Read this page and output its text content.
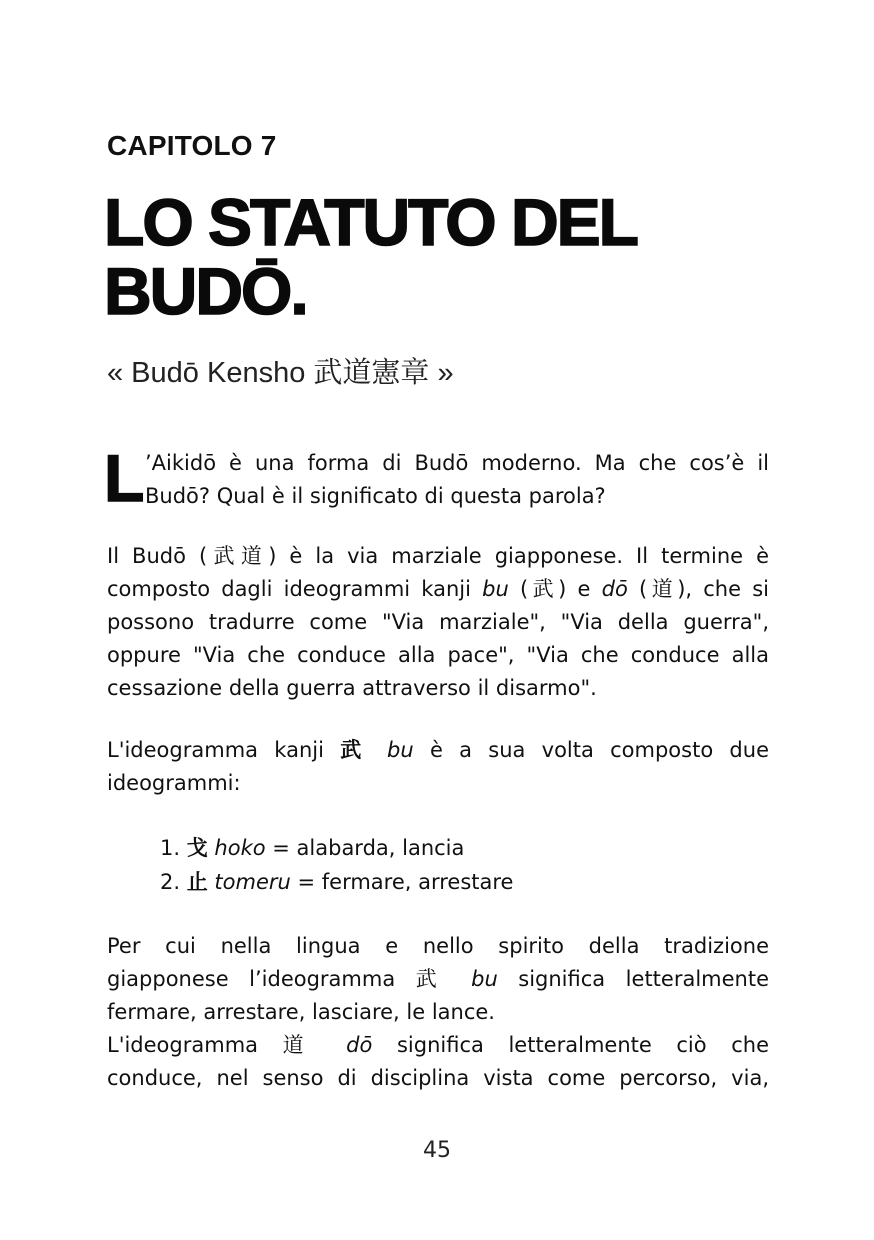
CAPITOLO 7
LO STATUTO DEL
BUDŌ.
« Budō Kensho 武道憲章 »
L ’Aikidō è una forma di Budō moderno. Ma che cos’è il
Budō? Qual è il significato di questa parola?

Il Budō (武道) è la via marziale giapponese. Il termine è
composto dagli ideogrammi kanji bu (武) e dō (道), che si
possono tradurre come "Via marziale", "Via della guerra",
oppure "Via che conduce alla pace", "Via che conduce alla
cessazione della guerra attraverso il disarmo".

L'ideogramma kanji 武 bu è a sua volta composto due
ideogrammi:

1. 戈 hoko = alabarda, lancia
2. 止 tomeru = fermare, arrestare

Per cui nella lingua e nello spirito della tradizione
giapponese l’ideogramma 武 bu significa letteralmente
fermare, arrestare, lasciare, le lance.
L'ideogramma 道 dō significa letteralmente ciò che
conduce, nel senso di disciplina vista come percorso, via,

45
